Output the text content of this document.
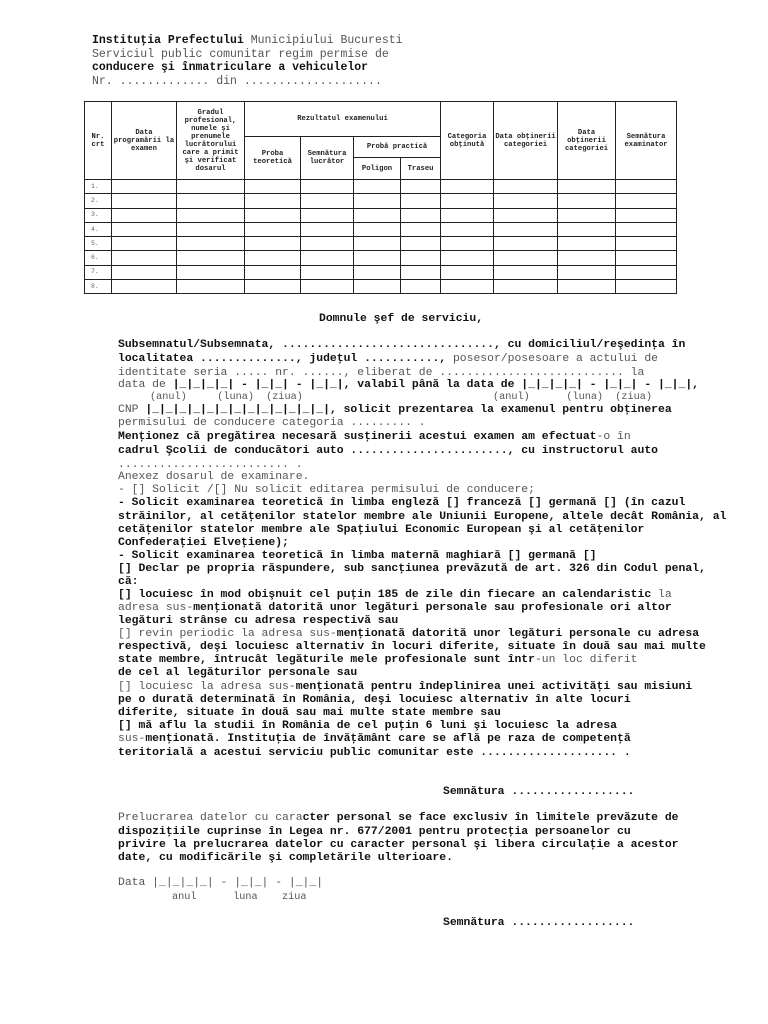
Instituţia Prefectului Municipiului Bucuresti
Serviciul public comunitar regim permise de
conducere şi înmatriculare a vehiculelor
Nr. ............. din ....................
Nr. crt	Data programării la examen	Gradul profesional, numele şi prenumele lucrătorului care a primit şi verificat dosarul	Rezultatul examenului				Categoria obţinută	Data obţinerii categoriei	Data obţinerii categoriei	Semnătura examinator
			Proba teoretică	Semnătura lucrător	Probă practică					
					Poligon	Traseu				
1.										
2.										
3.										
4.										
5.										
6.										
7.										
8.										
Domnule şef de serviciu,
Subsemnatul/Subsemnata, ..............................., cu domiciliul/reşedinţa în
localitatea .............., judeţul ..........., posesor/posesoare a actului de
identitate seria ..... nr. ......, eliberat de ........................... la
data de |_|_|_|_| - |_|_| - |_|_|, valabil până la data de |_|_|_|_| - |_|_| - |_|_|,
(anul)     (luna)  (ziua)	(anul)      (luna)  (ziua)
CNP |_|_|_|_|_|_|_|_|_|_|_|_|_|, solicit prezentarea la examenul pentru obţinerea
permisului de conducere categoria ......... .
Menţionez că pregătirea necesară susţinerii acestui examen am efectuat-o în
cadrul Şcolii de conducători auto ......................., cu instructorul auto
......................... .
Anexez dosarul de examinare.
- [] Solicit /[] Nu solicit editarea permisului de conducere;
- Solicit examinarea teoretică în limba engleză [] franceză [] germană [] (în cazul
străinilor, al cetăţenilor statelor membre ale Uniunii Europene, altele decât România, al
cetăţenilor statelor membre ale Spaţiului Economic European şi al cetăţenilor
Confederaţiei Elveţiene);
- Solicit examinarea teoretică în limba maternă maghiară [] germană []
[] Declar pe propria răspundere, sub sancţiunea prevăzută de art. 326 din Codul penal,
că:
[] locuiesc în mod obişnuit cel puţin 185 de zile din fiecare an calendaristic la
adresa sus-menţionată datorită unor legături personale sau profesionale ori altor
legături strânse cu adresa respectivă sau
[] revin periodic la adresa sus-menţionată datorită unor legături personale cu adresa
respectivă, deşi locuiesc alternativ în locuri diferite, situate în două sau mai multe
state membre, întrucât legăturile mele profesionale sunt într-un loc diferit
de cel al legăturilor personale sau
[] locuiesc la adresa sus-menţionată pentru îndeplinirea unei activităţi sau misiuni
pe o durată determinată în România, deşi locuiesc alternativ în alte locuri
diferite, situate în două sau mai multe state membre sau
[] mă aflu la studii în România de cel puţin 6 luni şi locuiesc la adresa
sus-menţionată. Instituţia de învăţământ care se află pe raza de competenţă
teritorială a acestui serviciu public comunitar este .................... .
Semnătura ..................
Prelucrarea datelor cu caracter personal se face exclusiv în limitele prevăzute de
dispoziţiile cuprinse în Legea nr. 677/2001 pentru protecţia persoanelor cu
privire la prelucrarea datelor cu caracter personal şi libera circulaţie a acestor
date, cu modificările şi completările ulterioare.
Data |_|_|_|_| - |_|_| - |_|_|
anul      luna    ziua
Semnătura ..................
